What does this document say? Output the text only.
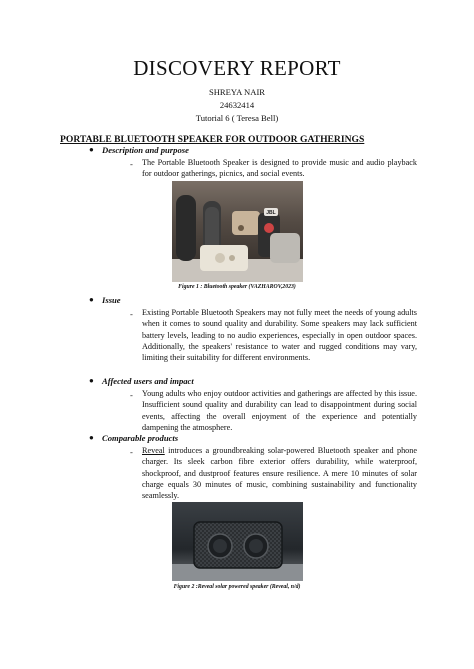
DISCOVERY REPORT
SHREYA NAIR
24632414
Tutorial 6 ( Teresa Bell)
PORTABLE BLUETOOTH SPEAKER FOR OUTDOOR GATHERINGS
● Description and purpose
- The Portable Bluetooth Speaker is designed to provide music and audio playback for outdoor gatherings, picnics, and social events.
JBL
Figure 1 : Bluetooth speaker (VAZHAROV,2023)
● Issue
- Existing Portable Bluetooth Speakers may not fully meet the needs of young adults when it comes to sound quality and durability. Some speakers may lack sufficient battery levels, leading to no audio experiences, especially in open outdoor spaces. Additionally, the speakers' resistance to water and rugged conditions may vary, limiting their suitability for different environments.
● Affected users and impact
- Young adults who enjoy outdoor activities and gatherings are affected by this issue. Insufficient sound quality and durability can lead to disappointment during social events, affecting the overall enjoyment of the experience and potentially dampening the atmosphere.
● Comparable products
- Reveal introduces a groundbreaking solar-powered Bluetooth speaker and phone charger. Its sleek carbon fibre exterior offers durability, while waterproof, shockproof, and dustproof features ensure resilience. A mere 10 minutes of solar charge equals 30 minutes of music, combining sustainability and functionality seamlessly.
Figure 2 :Reveal solar powered speaker (Reveal, n/d)
